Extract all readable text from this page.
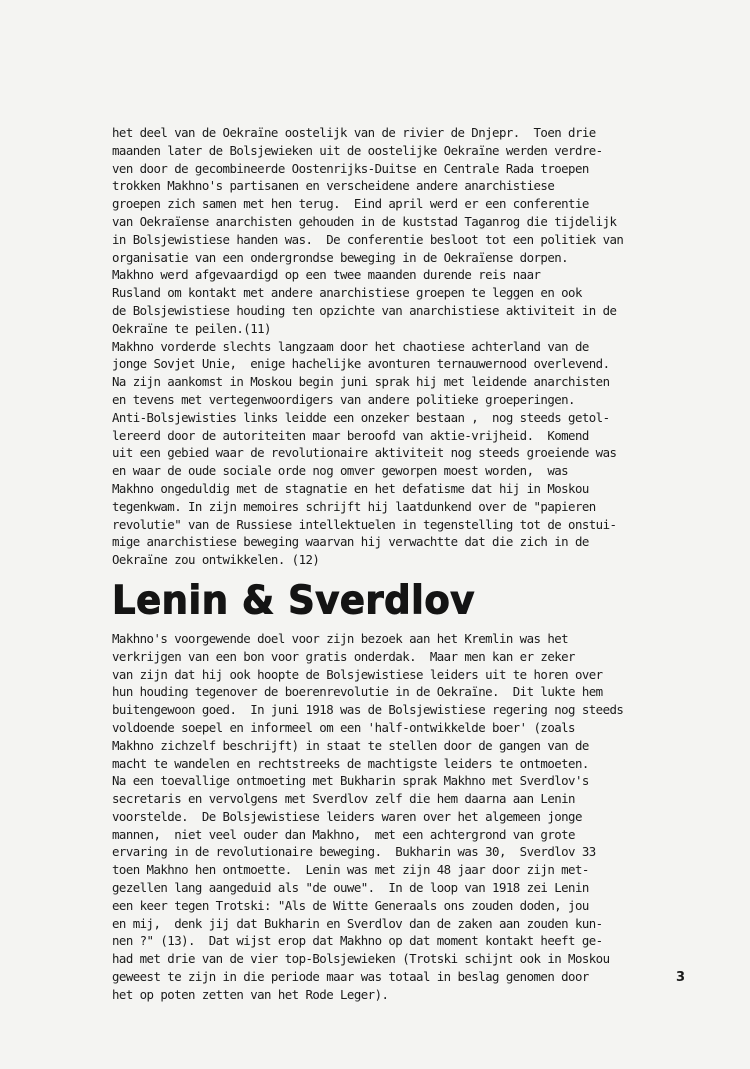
het deel van de Oekraïne oostelijk van de rivier de Dnjepr.  Toen drie
maanden later de Bolsjewieken uit de oostelijke Oekraïne werden verdre-
ven door de gecombineerde Oostenrijks-Duitse en Centrale Rada troepen
trokken Makhno's partisanen en verscheidene andere anarchistiese
groepen zich samen met hen terug.  Eind april werd er een conferentie
van Oekraïense anarchisten gehouden in de kuststad Taganrog die tijdelijk
in Bolsjewistiese handen was.  De conferentie besloot tot een politiek van
organisatie van een ondergrondse beweging in de Oekraïense dorpen.
Makhno werd afgevaardigd op een twee maanden durende reis naar
Rusland om kontakt met andere anarchistiese groepen te leggen en ook
de Bolsjewistiese houding ten opzichte van anarchistiese aktiviteit in de
Oekraïne te peilen.(11)
Makhno vorderde slechts langzaam door het chaotiese achterland van de
jonge Sovjet Unie,  enige hachelijke avonturen ternauwernood overlevend.
Na zijn aankomst in Moskou begin juni sprak hij met leidende anarchisten
en tevens met vertegenwoordigers van andere politieke groeperingen.
Anti-Bolsjewisties links leidde een onzeker bestaan ,  nog steeds getol-
lereerd door de autoriteiten maar beroofd van aktie-vrijheid.  Komend
uit een gebied waar de revolutionaire aktiviteit nog steeds groeiende was
en waar de oude sociale orde nog omver geworpen moest worden,  was
Makhno ongeduldig met de stagnatie en het defatisme dat hij in Moskou
tegenkwam. In zijn memoires schrijft hij laatdunkend over de "papieren
revolutie" van de Russiese intellektuelen in tegenstelling tot de onstui-
mige anarchistiese beweging waarvan hij verwachtte dat die zich in de
Oekraïne zou ontwikkelen. (12)
Lenin & Sverdlov
Makhno's voorgewende doel voor zijn bezoek aan het Kremlin was het
verkrijgen van een bon voor gratis onderdak.  Maar men kan er zeker
van zijn dat hij ook hoopte de Bolsjewistiese leiders uit te horen over
hun houding tegenover de boerenrevolutie in de Oekraïne.  Dit lukte hem
buitengewoon goed.  In juni 1918 was de Bolsjewistiese regering nog steeds
voldoende soepel en informeel om een 'half-ontwikkelde boer' (zoals
Makhno zichzelf beschrijft) in staat te stellen door de gangen van de
macht te wandelen en rechtstreeks de machtigste leiders te ontmoeten.
Na een toevallige ontmoeting met Bukharin sprak Makhno met Sverdlov's
secretaris en vervolgens met Sverdlov zelf die hem daarna aan Lenin
voorstelde.  De Bolsjewistiese leiders waren over het algemeen jonge
mannen,  niet veel ouder dan Makhno,  met een achtergrond van grote
ervaring in de revolutionaire beweging.  Bukharin was 30,  Sverdlov 33
toen Makhno hen ontmoette.  Lenin was met zijn 48 jaar door zijn met-
gezellen lang aangeduid als "de ouwe".  In de loop van 1918 zei Lenin
een keer tegen Trotski: "Als de Witte Generaals ons zouden doden, jou
en mij,  denk jij dat Bukharin en Sverdlov dan de zaken aan zouden kun-
nen ?" (13).  Dat wijst erop dat Makhno op dat moment kontakt heeft ge-
had met drie van de vier top-Bolsjewieken (Trotski schijnt ook in Moskou
geweest te zijn in die periode maar was totaal in beslag genomen door
het op poten zetten van het Rode Leger).
3
